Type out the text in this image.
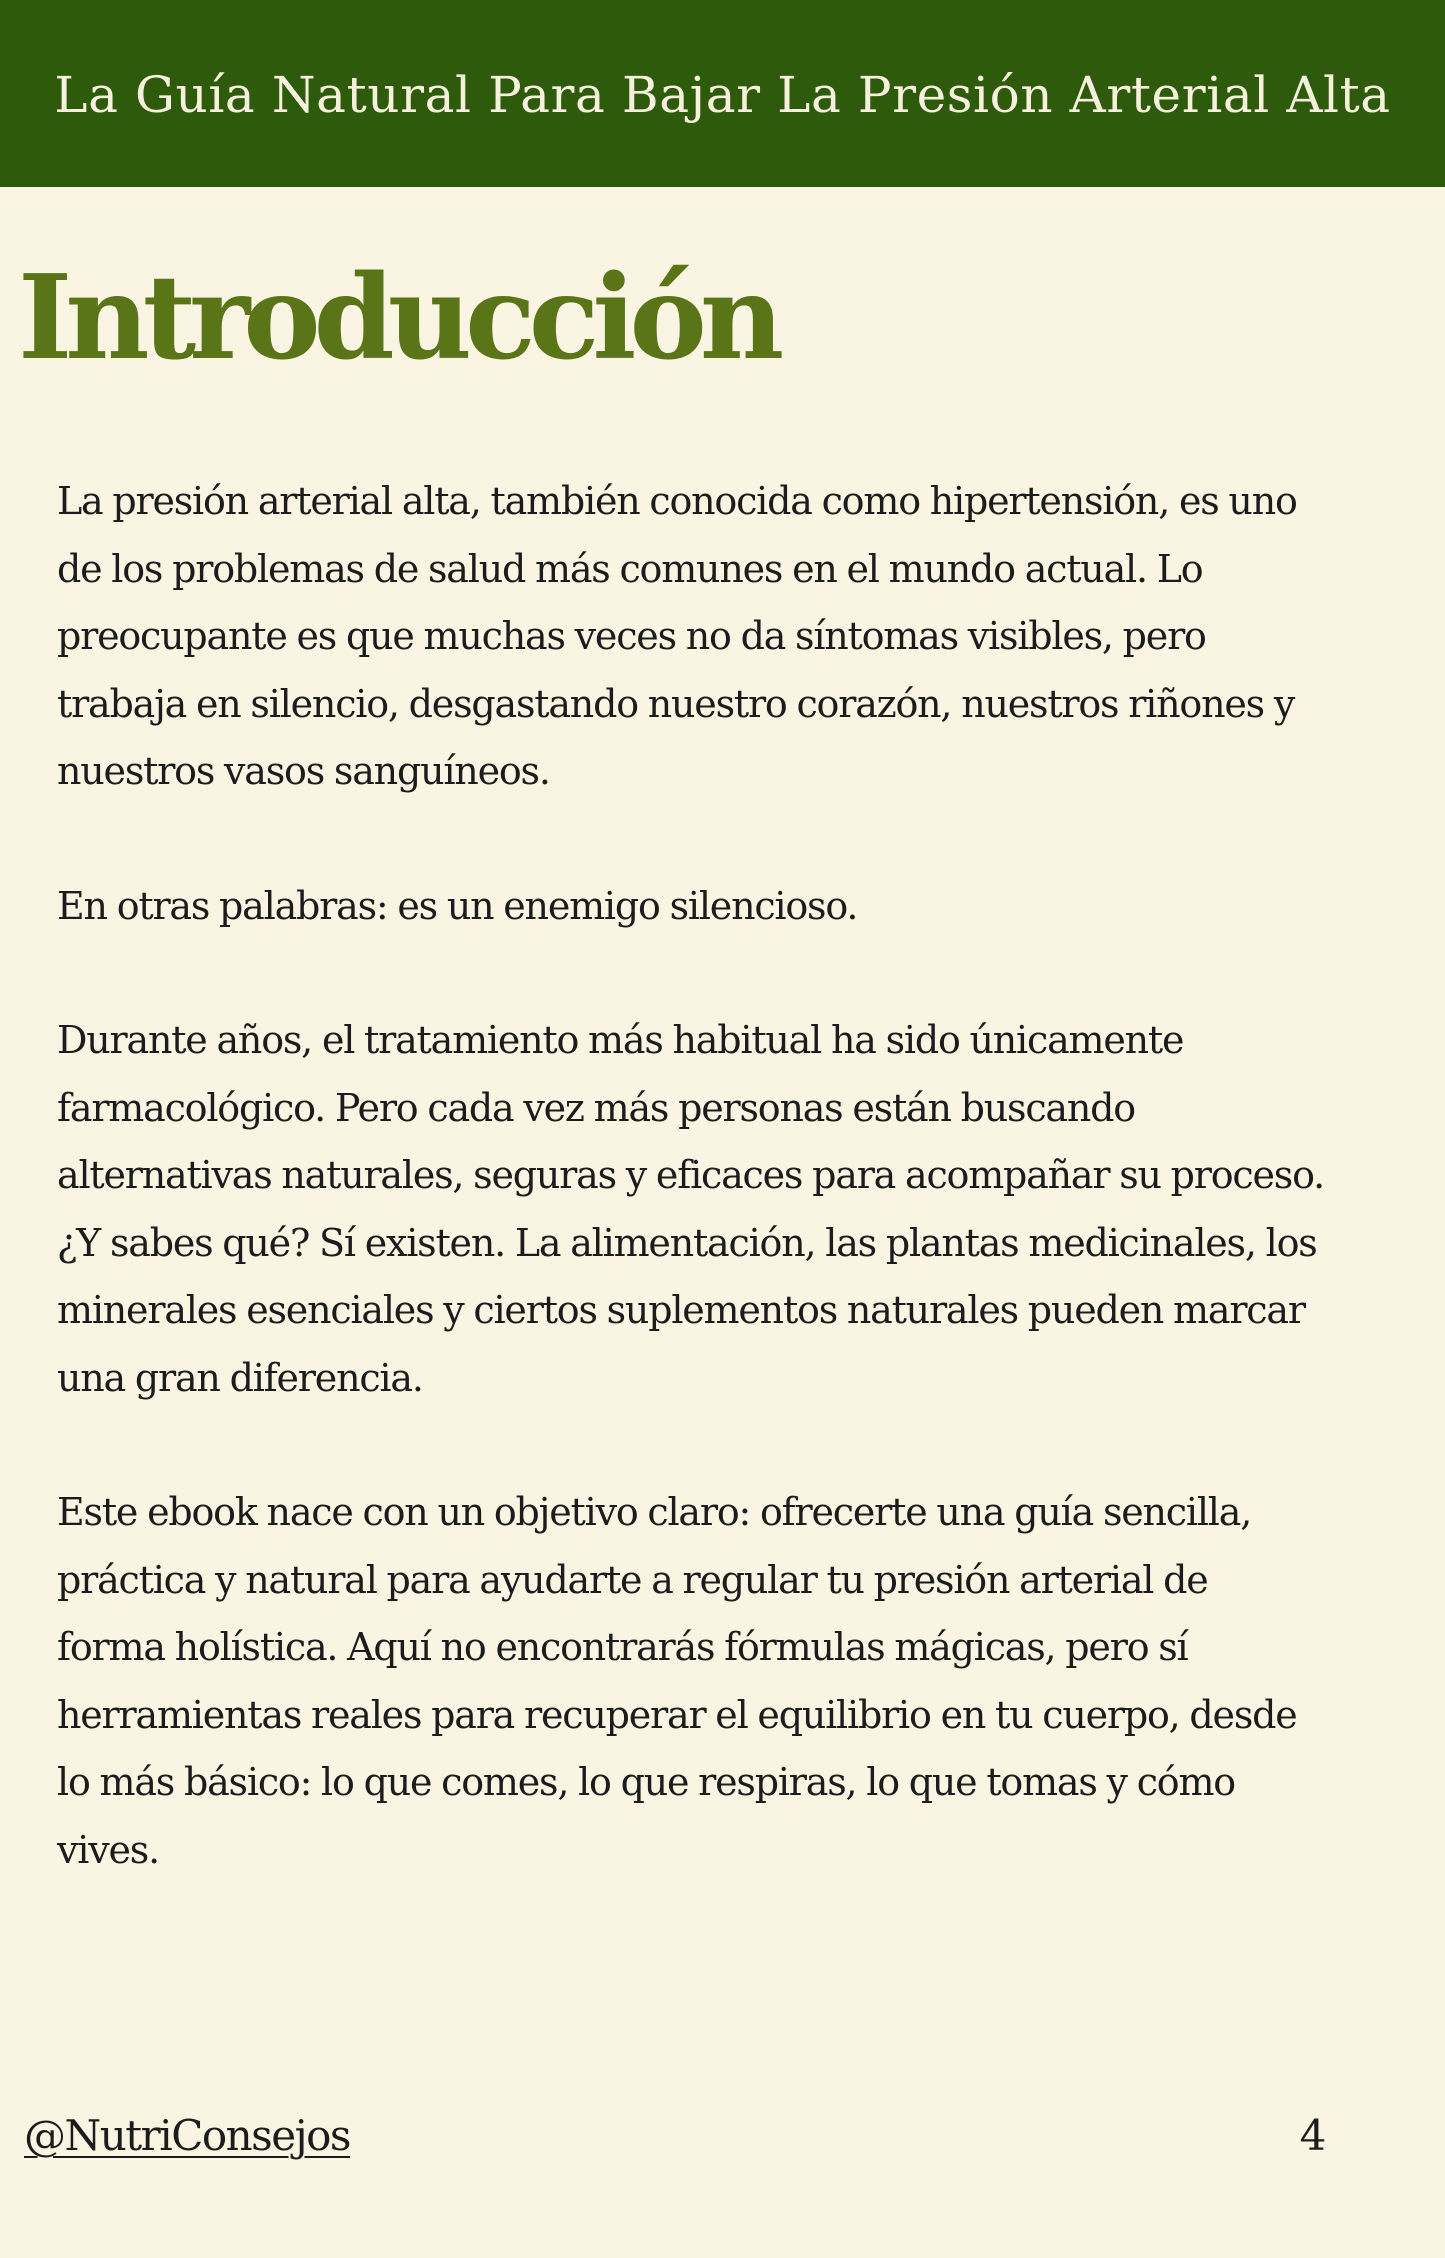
La Guía Natural Para Bajar La Presión Arterial Alta
Introducción

La presión arterial alta, también conocida como hipertensión, es uno
de los problemas de salud más comunes en el mundo actual. Lo
preocupante es que muchas veces no da síntomas visibles, pero
trabaja en silencio, desgastando nuestro corazón, nuestros riñones y
nuestros vasos sanguíneos.

En otras palabras: es un enemigo silencioso.

Durante años, el tratamiento más habitual ha sido únicamente
farmacológico. Pero cada vez más personas están buscando
alternativas naturales, seguras y eficaces para acompañar su proceso.
¿Y sabes qué? Sí existen. La alimentación, las plantas medicinales, los
minerales esenciales y ciertos suplementos naturales pueden marcar
una gran diferencia.

Este ebook nace con un objetivo claro: ofrecerte una guía sencilla,
práctica y natural para ayudarte a regular tu presión arterial de
forma holística. Aquí no encontrarás fórmulas mágicas, pero sí
herramientas reales para recuperar el equilibrio en tu cuerpo, desde
lo más básico: lo que comes, lo que respiras, lo que tomas y cómo
vives.

@NutriConsejos	4
